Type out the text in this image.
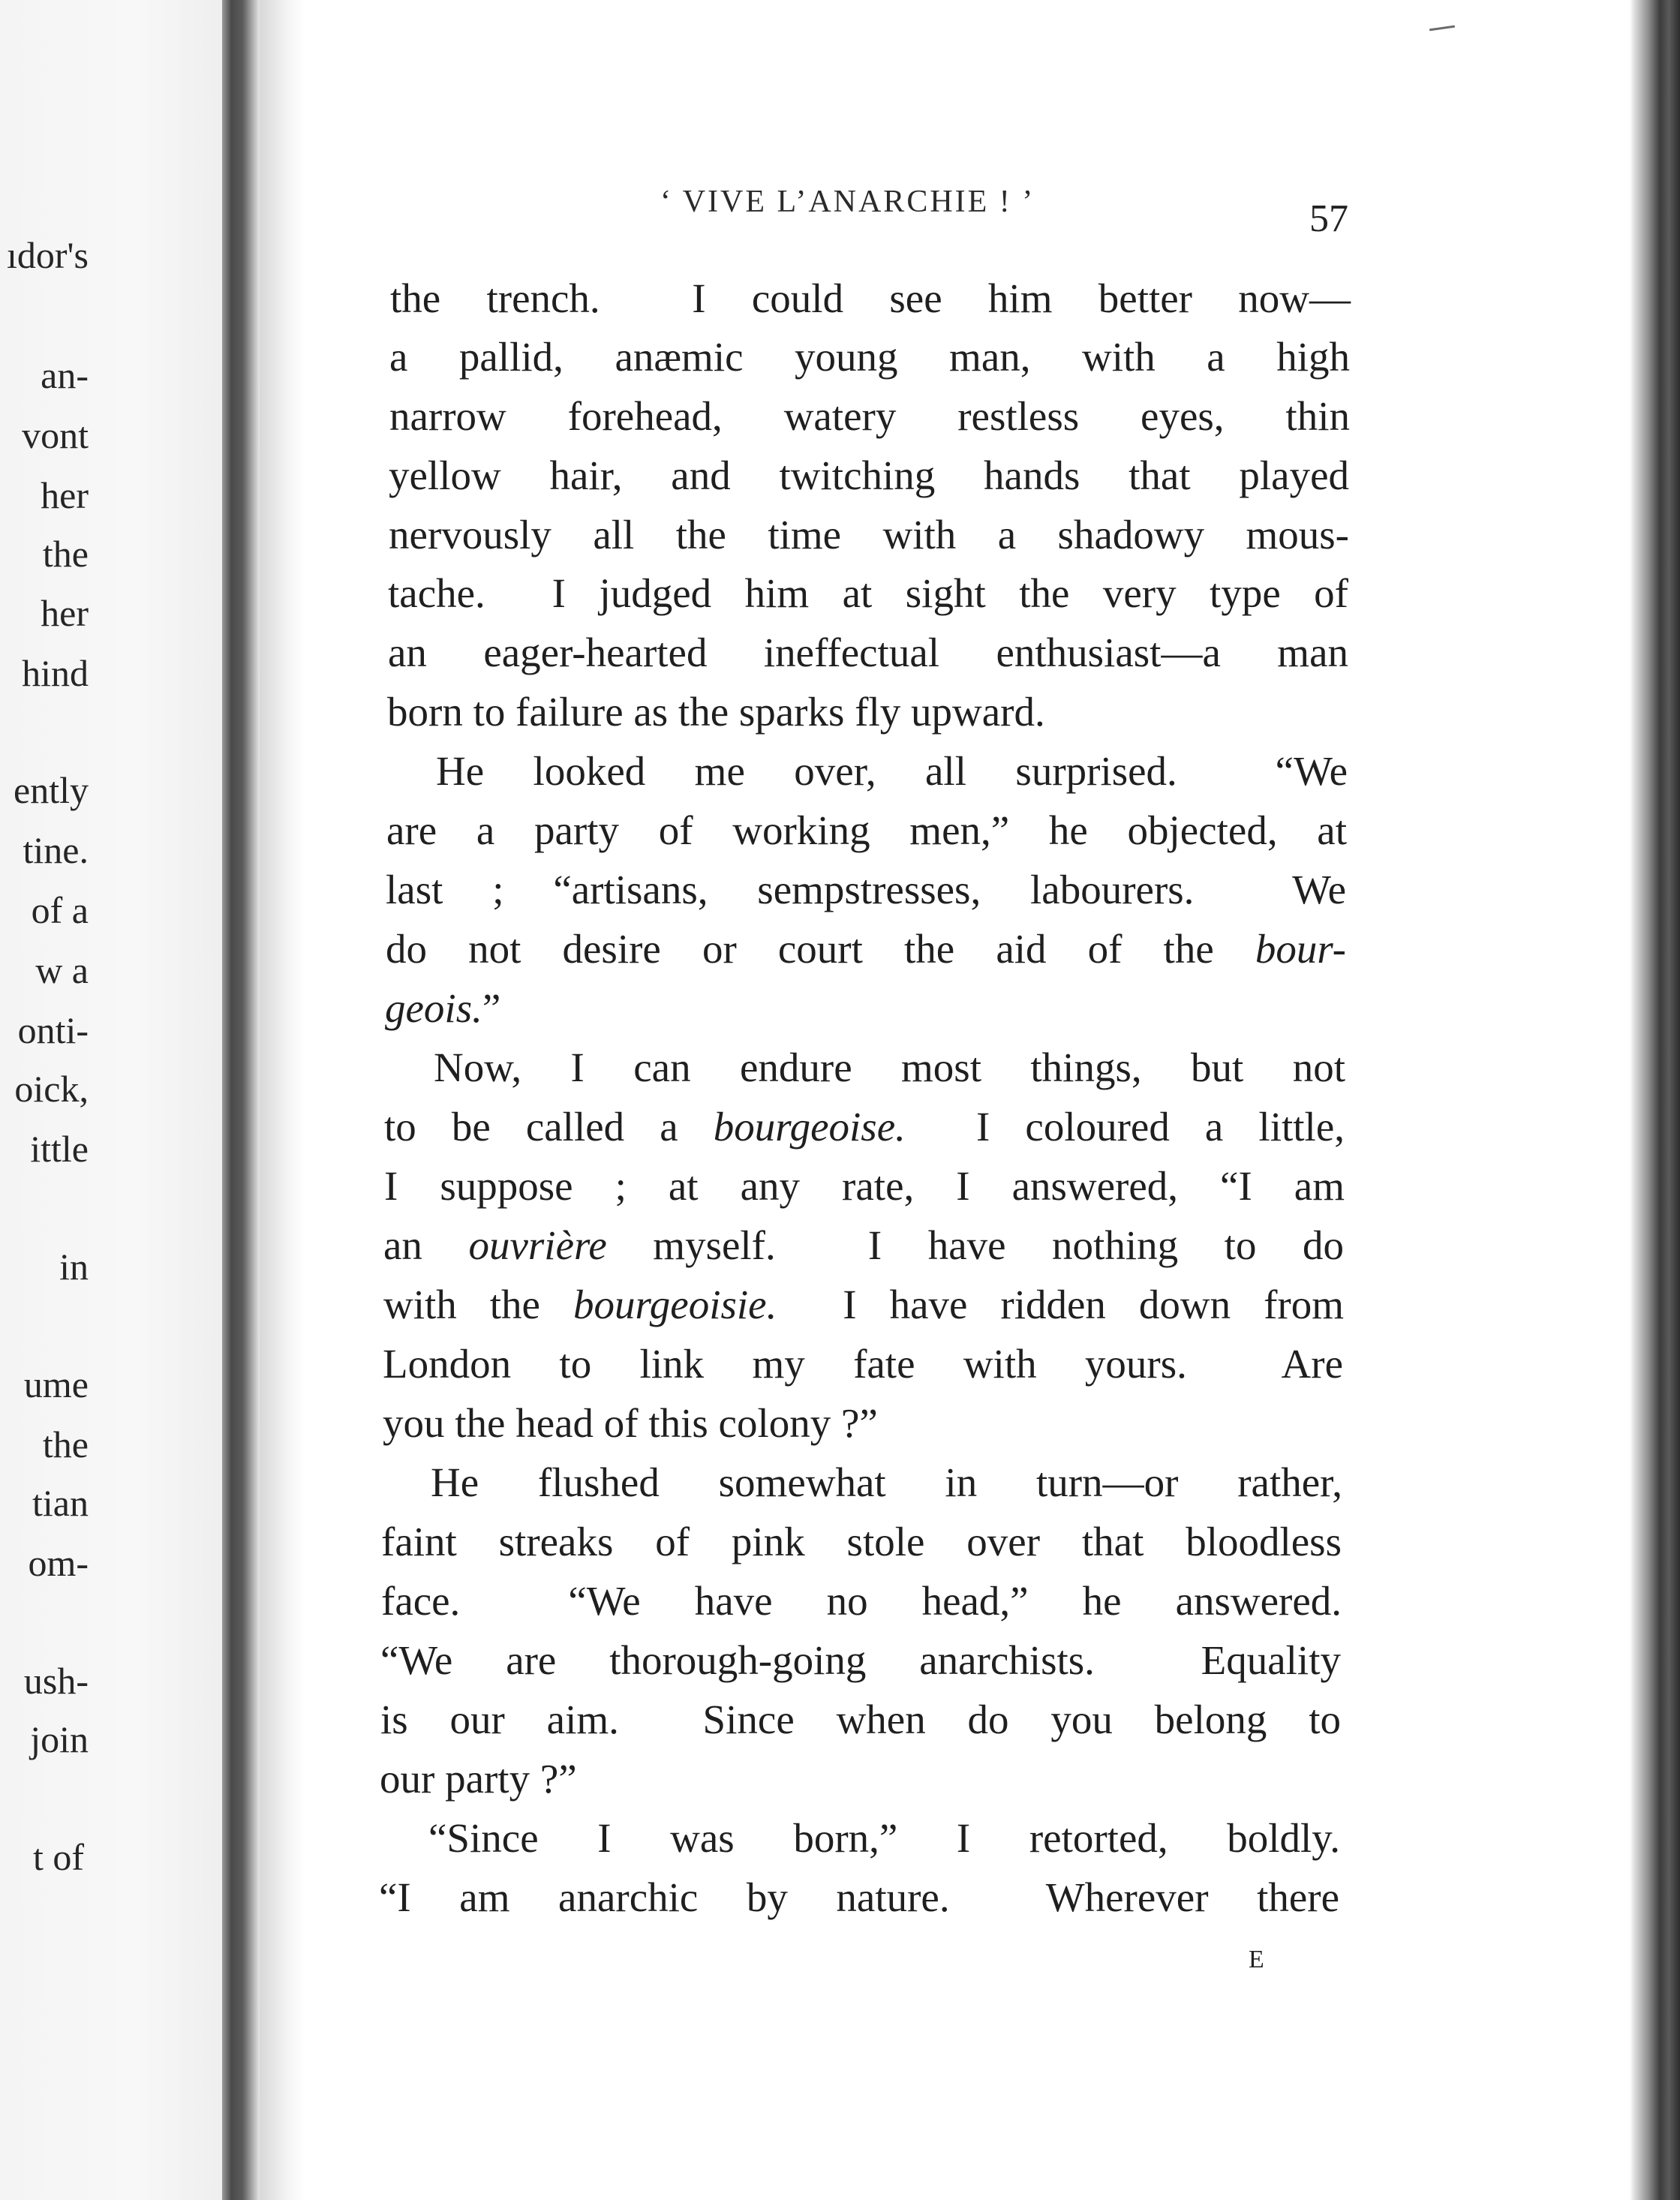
ıdor's
an-
vont
her
the
her
hind
ently
tine.
of a
w a
onti-
oick,
ittle
in
ume
the
tian
om-
ush-
join
t of
‘ VIVE L’ANARCHIE ! ’	57
the trench.  I could see him better now—
a pallid, anæmic young man, with a high
narrow forehead, watery restless eyes, thin
yellow hair, and twitching hands that played
nervously all the time with a shadowy mous-
tache.  I judged him at sight the very type of
an eager-hearted ineffectual enthusiast—a man
born to failure as the sparks fly upward.
He looked me over, all surprised.  “We
are a party of working men,” he objected, at
last ; “artisans, sempstresses, labourers.  We
do not desire or court the aid of the bour-
geois.”
Now, I can endure most things, but not
to be called a bourgeoise.  I coloured a little,
I suppose ; at any rate, I answered, “I am
an ouvrière myself.  I have nothing to do
with the bourgeoisie.  I have ridden down from
London to link my fate with yours.  Are
you the head of this colony ?”
He flushed somewhat in turn—or rather,
faint streaks of pink stole over that bloodless
face.  “We have no head,” he answered.
“We are thorough-going anarchists.  Equality
is our aim.  Since when do you belong to
our party ?”
“Since I was born,” I retorted, boldly.
“I am anarchic by nature.  Wherever there
E
